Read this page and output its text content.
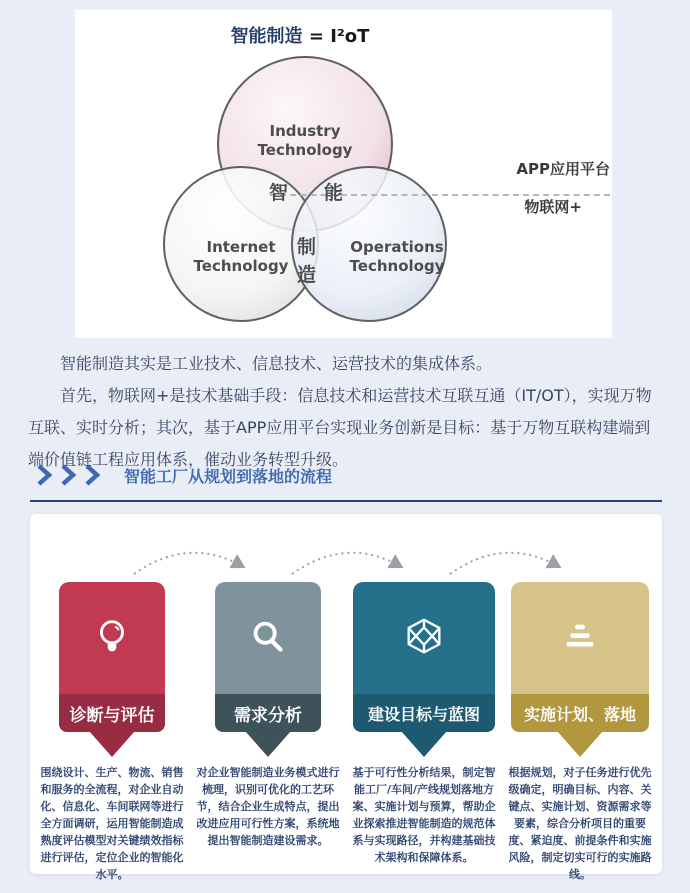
智能制造 = I²oT
Industry Technology
Internet Technology
Operations Technology
智 能
制
造
APP应用平台
物联网+

智能制造其实是工业技术、信息技术、运营技术的集成体系。

首先，物联网+是技术基础手段：信息技术和运营技术互联互通（IT/OT），实现万物互联、实时分析；其次，基于APP应用平台实现业务创新是目标：基于万物互联构建端到端价值链工程应用体系，催动业务转型升级。

智能工厂从规划到落地的流程
诊断与评估
围绕设计、生产、物流、销售和服务的全流程，对企业自动化、信息化、车间联网等进行全方面调研，运用智能制造成熟度评估模型对关键绩效指标进行评估，定位企业的智能化水平。
需求分析
对企业智能制造业务模式进行梳理，识别可优化的工艺环节，结合企业生成特点，提出改进应用可行性方案，系统地提出智能制造建设需求。
建设目标与蓝图
基于可行性分析结果，制定智能工厂/车间/产线规划落地方案、实施计划与预算，帮助企业探索推进智能制造的规范体系与实现路径，并构建基础技术架构和保障体系。
实施计划、落地
根据规划，对子任务进行优先级确定，明确目标、内容、关键点、实施计划、资源需求等要素，综合分析项目的重要度、紧迫度、前提条件和实施风险，制定切实可行的实施路线。
